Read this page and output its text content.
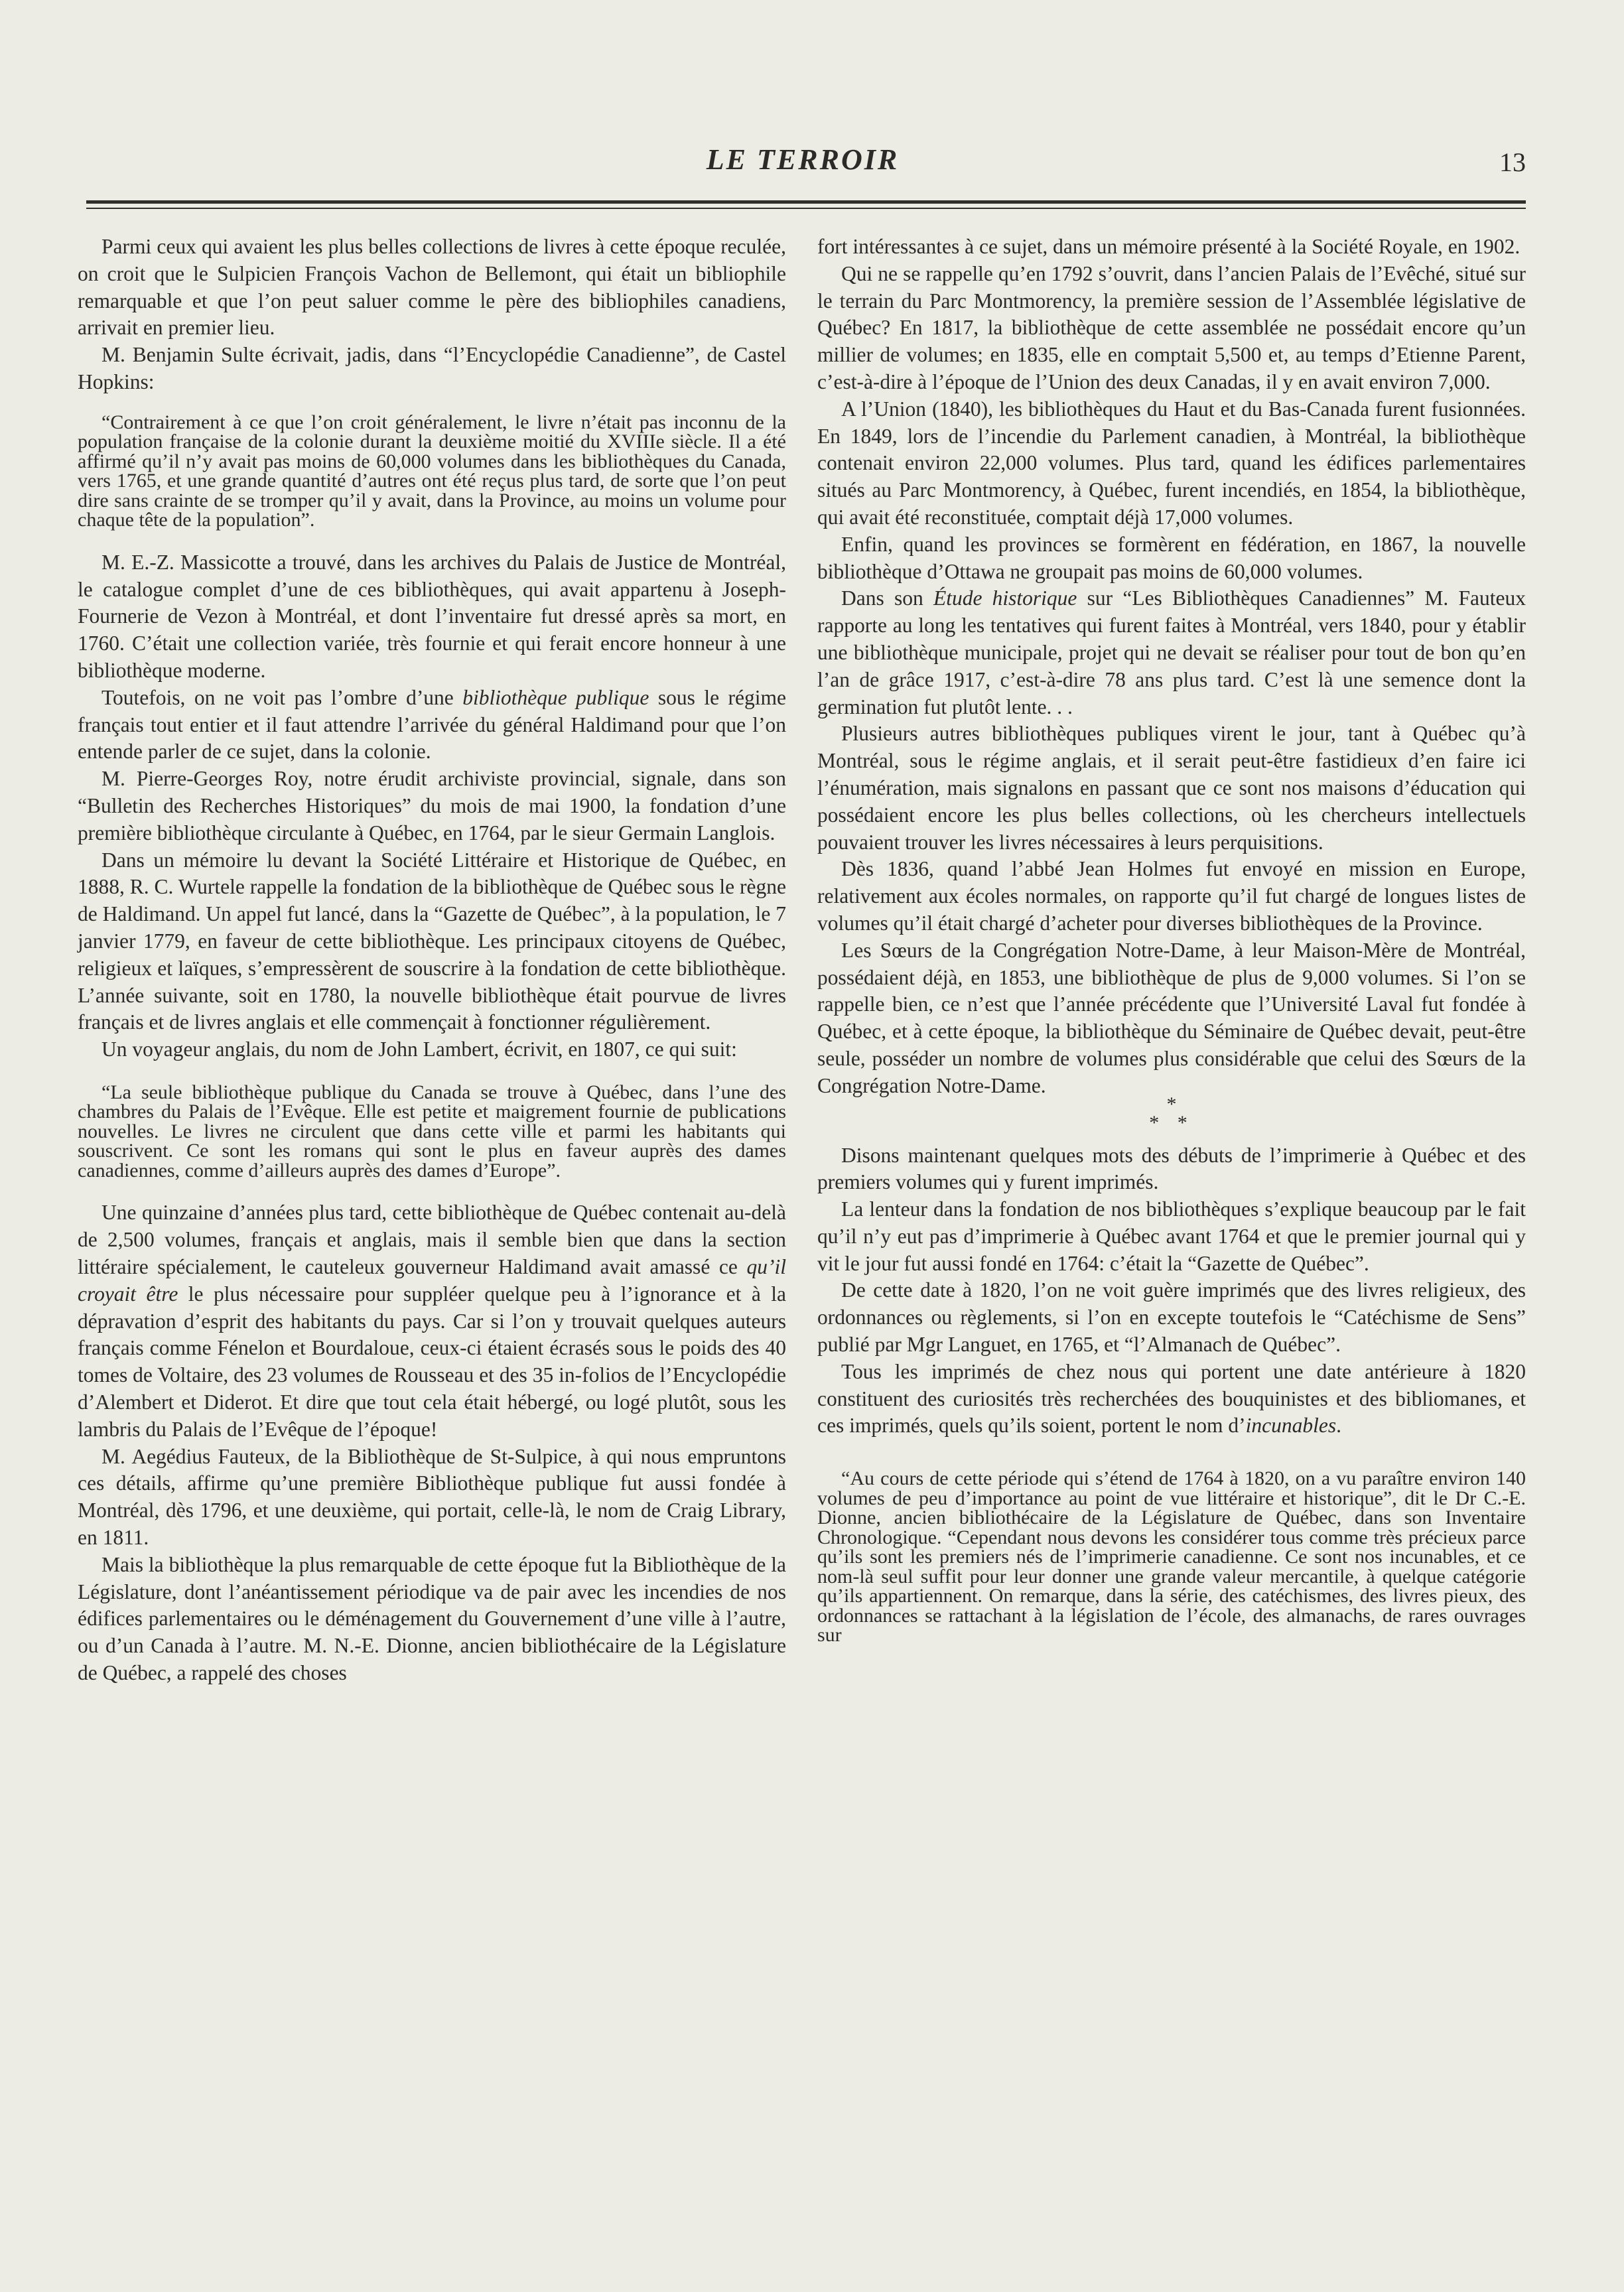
LE TERROIR	13

Parmi ceux qui avaient les plus belles collections de livres à cette époque reculée, on croit que le Sulpicien François Vachon de Bellemont, qui était un bibliophile remarquable et que l’on peut saluer comme le père des bibliophiles canadiens, arrivait en premier lieu.

M. Benjamin Sulte écrivait, jadis, dans “l’Encyclopédie Canadienne”, de Castel Hopkins:

“Contrairement à ce que l’on croit généralement, le livre n’était pas inconnu de la population française de la colonie durant la deuxième moitié du XVIIIe siècle. Il a été affirmé qu’il n’y avait pas moins de 60,000 volumes dans les bibliothèques du Canada, vers 1765, et une grande quantité d’autres ont été reçus plus tard, de sorte que l’on peut dire sans crainte de se tromper qu’il y avait, dans la Province, au moins un volume pour chaque tête de la population”.

M. E.-Z. Massicotte a trouvé, dans les archives du Palais de Justice de Montréal, le catalogue complet d’une de ces bibliothèques, qui avait appartenu à Joseph-Fournerie de Vezon à Montréal, et dont l’inventaire fut dressé après sa mort, en 1760. C’était une collection variée, très fournie et qui ferait encore honneur à une bibliothèque moderne.

Toutefois, on ne voit pas l’ombre d’une bibliothèque publique sous le régime français tout entier et il faut attendre l’arrivée du général Haldimand pour que l’on entende parler de ce sujet, dans la colonie.

M. Pierre-Georges Roy, notre érudit archiviste provincial, signale, dans son “Bulletin des Recherches Historiques” du mois de mai 1900, la fondation d’une première bibliothèque circulante à Québec, en 1764, par le sieur Germain Langlois.

Dans un mémoire lu devant la Société Littéraire et Historique de Québec, en 1888, R. C. Wurtele rappelle la fondation de la bibliothèque de Québec sous le règne de Haldimand. Un appel fut lancé, dans la “Gazette de Québec”, à la population, le 7 janvier 1779, en faveur de cette bibliothèque. Les principaux citoyens de Québec, religieux et laïques, s’empressèrent de souscrire à la fondation de cette bibliothèque. L’année suivante, soit en 1780, la nouvelle bibliothèque était pourvue de livres français et de livres anglais et elle commençait à fonctionner régulièrement.

Un voyageur anglais, du nom de John Lambert, écrivit, en 1807, ce qui suit:

“La seule bibliothèque publique du Canada se trouve à Québec, dans l’une des chambres du Palais de l’Evêque. Elle est petite et maigrement fournie de publications nouvelles. Le livres ne circulent que dans cette ville et parmi les habitants qui souscrivent. Ce sont les romans qui sont le plus en faveur auprès des dames canadiennes, comme d’ailleurs auprès des dames d’Europe”.

Une quinzaine d’années plus tard, cette bibliothèque de Québec contenait au-delà de 2,500 volumes, français et anglais, mais il semble bien que dans la section littéraire spécialement, le cauteleux gouverneur Haldimand avait amassé ce qu’il croyait être le plus nécessaire pour suppléer quelque peu à l’ignorance et à la dépravation d’esprit des habitants du pays. Car si l’on y trouvait quelques auteurs français comme Fénelon et Bourdaloue, ceux-ci étaient écrasés sous le poids des 40 tomes de Voltaire, des 23 volumes de Rousseau et des 35 in-folios de l’Encyclopédie d’Alembert et Diderot. Et dire que tout cela était hébergé, ou logé plutôt, sous les lambris du Palais de l’Evêque de l’époque!

M. Aegédius Fauteux, de la Bibliothèque de St-Sulpice, à qui nous empruntons ces détails, affirme qu’une première Bibliothèque publique fut aussi fondée à Montréal, dès 1796, et une deuxième, qui portait, celle-là, le nom de Craig Library, en 1811.

Mais la bibliothèque la plus remarquable de cette époque fut la Bibliothèque de la Législature, dont l’anéantissement périodique va de pair avec les incendies de nos édifices parlementaires ou le déménagement du Gouvernement d’une ville à l’autre, ou d’un Canada à l’autre. M. N.-E. Dionne, ancien bibliothécaire de la Législature de Québec, a rappelé des choses

fort intéressantes à ce sujet, dans un mémoire présenté à la Société Royale, en 1902.

Qui ne se rappelle qu’en 1792 s’ouvrit, dans l’ancien Palais de l’Evêché, situé sur le terrain du Parc Montmorency, la première session de l’Assemblée législative de Québec? En 1817, la bibliothèque de cette assemblée ne possédait encore qu’un millier de volumes; en 1835, elle en comptait 5,500 et, au temps d’Etienne Parent, c’est-à-dire à l’époque de l’Union des deux Canadas, il y en avait environ 7,000.

A l’Union (1840), les bibliothèques du Haut et du Bas-Canada furent fusionnées. En 1849, lors de l’incendie du Parlement canadien, à Montréal, la bibliothèque contenait environ 22,000 volumes. Plus tard, quand les édifices parlementaires situés au Parc Montmorency, à Québec, furent incendiés, en 1854, la bibliothèque, qui avait été reconstituée, comptait déjà 17,000 volumes.

Enfin, quand les provinces se formèrent en fédération, en 1867, la nouvelle bibliothèque d’Ottawa ne groupait pas moins de 60,000 volumes.

Dans son Étude historique sur “Les Bibliothèques Canadiennes” M. Fauteux rapporte au long les tentatives qui furent faites à Montréal, vers 1840, pour y établir une bibliothèque municipale, projet qui ne devait se réaliser pour tout de bon qu’en l’an de grâce 1917, c’est-à-dire 78 ans plus tard. C’est là une semence dont la germination fut plutôt lente. . .

Plusieurs autres bibliothèques publiques virent le jour, tant à Québec qu’à Montréal, sous le régime anglais, et il serait peut-être fastidieux d’en faire ici l’énumération, mais signalons en passant que ce sont nos maisons d’éducation qui possédaient encore les plus belles collections, où les chercheurs intellectuels pouvaient trouver les livres nécessaires à leurs perquisitions.

Dès 1836, quand l’abbé Jean Holmes fut envoyé en mission en Europe, relativement aux écoles normales, on rapporte qu’il fut chargé de longues listes de volumes qu’il était chargé d’acheter pour diverses bibliothèques de la Province.

Les Sœurs de la Congrégation Notre-Dame, à leur Maison-Mère de Montréal, possédaient déjà, en 1853, une bibliothèque de plus de 9,000 volumes. Si l’on se rappelle bien, ce n’est que l’année précédente que l’Université Laval fut fondée à Québec, et à cette époque, la bibliothèque du Séminaire de Québec devait, peut-être seule, posséder un nombre de volumes plus considérable que celui des Sœurs de la Congrégation Notre-Dame.

*
* *

Disons maintenant quelques mots des débuts de l’imprimerie à Québec et des premiers volumes qui y furent imprimés.

La lenteur dans la fondation de nos bibliothèques s’explique beaucoup par le fait qu’il n’y eut pas d’imprimerie à Québec avant 1764 et que le premier journal qui y vit le jour fut aussi fondé en 1764: c’était la “Gazette de Québec”.

De cette date à 1820, l’on ne voit guère imprimés que des livres religieux, des ordonnances ou règlements, si l’on en excepte toutefois le “Catéchisme de Sens” publié par Mgr Languet, en 1765, et “l’Almanach de Québec”.

Tous les imprimés de chez nous qui portent une date antérieure à 1820 constituent des curiosités très recherchées des bouquinistes et des bibliomanes, et ces imprimés, quels qu’ils soient, portent le nom d’incunables.

“Au cours de cette période qui s’étend de 1764 à 1820, on a vu paraître environ 140 volumes de peu d’importance au point de vue littéraire et historique”, dit le Dr C.-E. Dionne, ancien bibliothécaire de la Législature de Québec, dans son Inventaire Chronologique. “Cependant nous devons les considérer tous comme très précieux parce qu’ils sont les premiers nés de l’imprimerie canadienne. Ce sont nos incunables, et ce nom-là seul suffit pour leur donner une grande valeur mercantile, à quelque catégorie qu’ils appartiennent. On remarque, dans la série, des catéchismes, des livres pieux, des ordonnances se rattachant à la législation de l’école, des almanachs, de rares ouvrages sur
